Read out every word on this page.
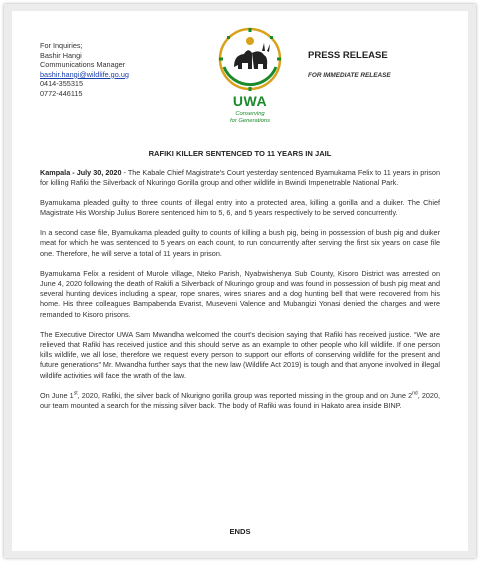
For Inquiries;
Bashir Hangi
Communications Manager
bashir.hangi@wildlife.go.ug
0414-355315
0772-446115	UWA
Conserving
for Generations
PRESS RELEASE
FOR IMMEDIATE RELEASE
RAFIKI KILLER SENTENCED TO 11 YEARS IN JAIL

Kampala - July 30, 2020 - The Kabale Chief Magistrate's Court yesterday sentenced Byamukama Felix to 11 years in prison for killing Rafiki the Silverback of Nkuringo Gorilla group and other wildlife in Bwindi Impenetrable National Park.

Byamukama pleaded guilty to three counts of illegal entry into a protected area, killing a gorilla and a duiker. The Chief Magistrate His Worship Julius Borere sentenced him to 5, 6, and 5 years respectively to be served concurrently.

In a second case file, Byamukama pleaded guilty to counts of killing a bush pig, being in possession of bush pig and duiker meat for which he was sentenced to 5 years on each count, to run concurrently after serving the first six years on case file one. Therefore, he will serve a total of 11 years in prison.

Byamukama Felix a resident of Murole village, Nteko Parish, Nyabwishenya Sub County, Kisoro District was arrested on June 4, 2020 following the death of Rakifi a Silverback of Nkuringo group and was found in possession of bush pig meat and several hunting devices including a spear, rope snares, wires snares and a dog hunting bell that were recovered from his home. His three colleagues Bampabenda Evarist, Museveni Valence and Mubangizi Yonasi denied the charges and were remanded to Kisoro prisons.

The Executive Director UWA Sam Mwandha welcomed the court's decision saying that Rafiki has received justice. “We are relieved that Rafiki has received justice and this should serve as an example to other people who kill wildlife. If one person kills wildlife, we all lose, therefore we request every person to support our efforts of conserving wildlife for the present and future generations” Mr. Mwandha further says that the new law (Wildlife Act 2019) is tough and that anyone involved in illegal wildlife activities will face the wrath of the law.

On June 1st, 2020, Rafiki, the silver back of Nkurigno gorilla group was reported missing in the group and on June 2nd, 2020, our team mounted a search for the missing silver back. The body of Rafiki was found in Hakato area inside BINP.

ENDS
